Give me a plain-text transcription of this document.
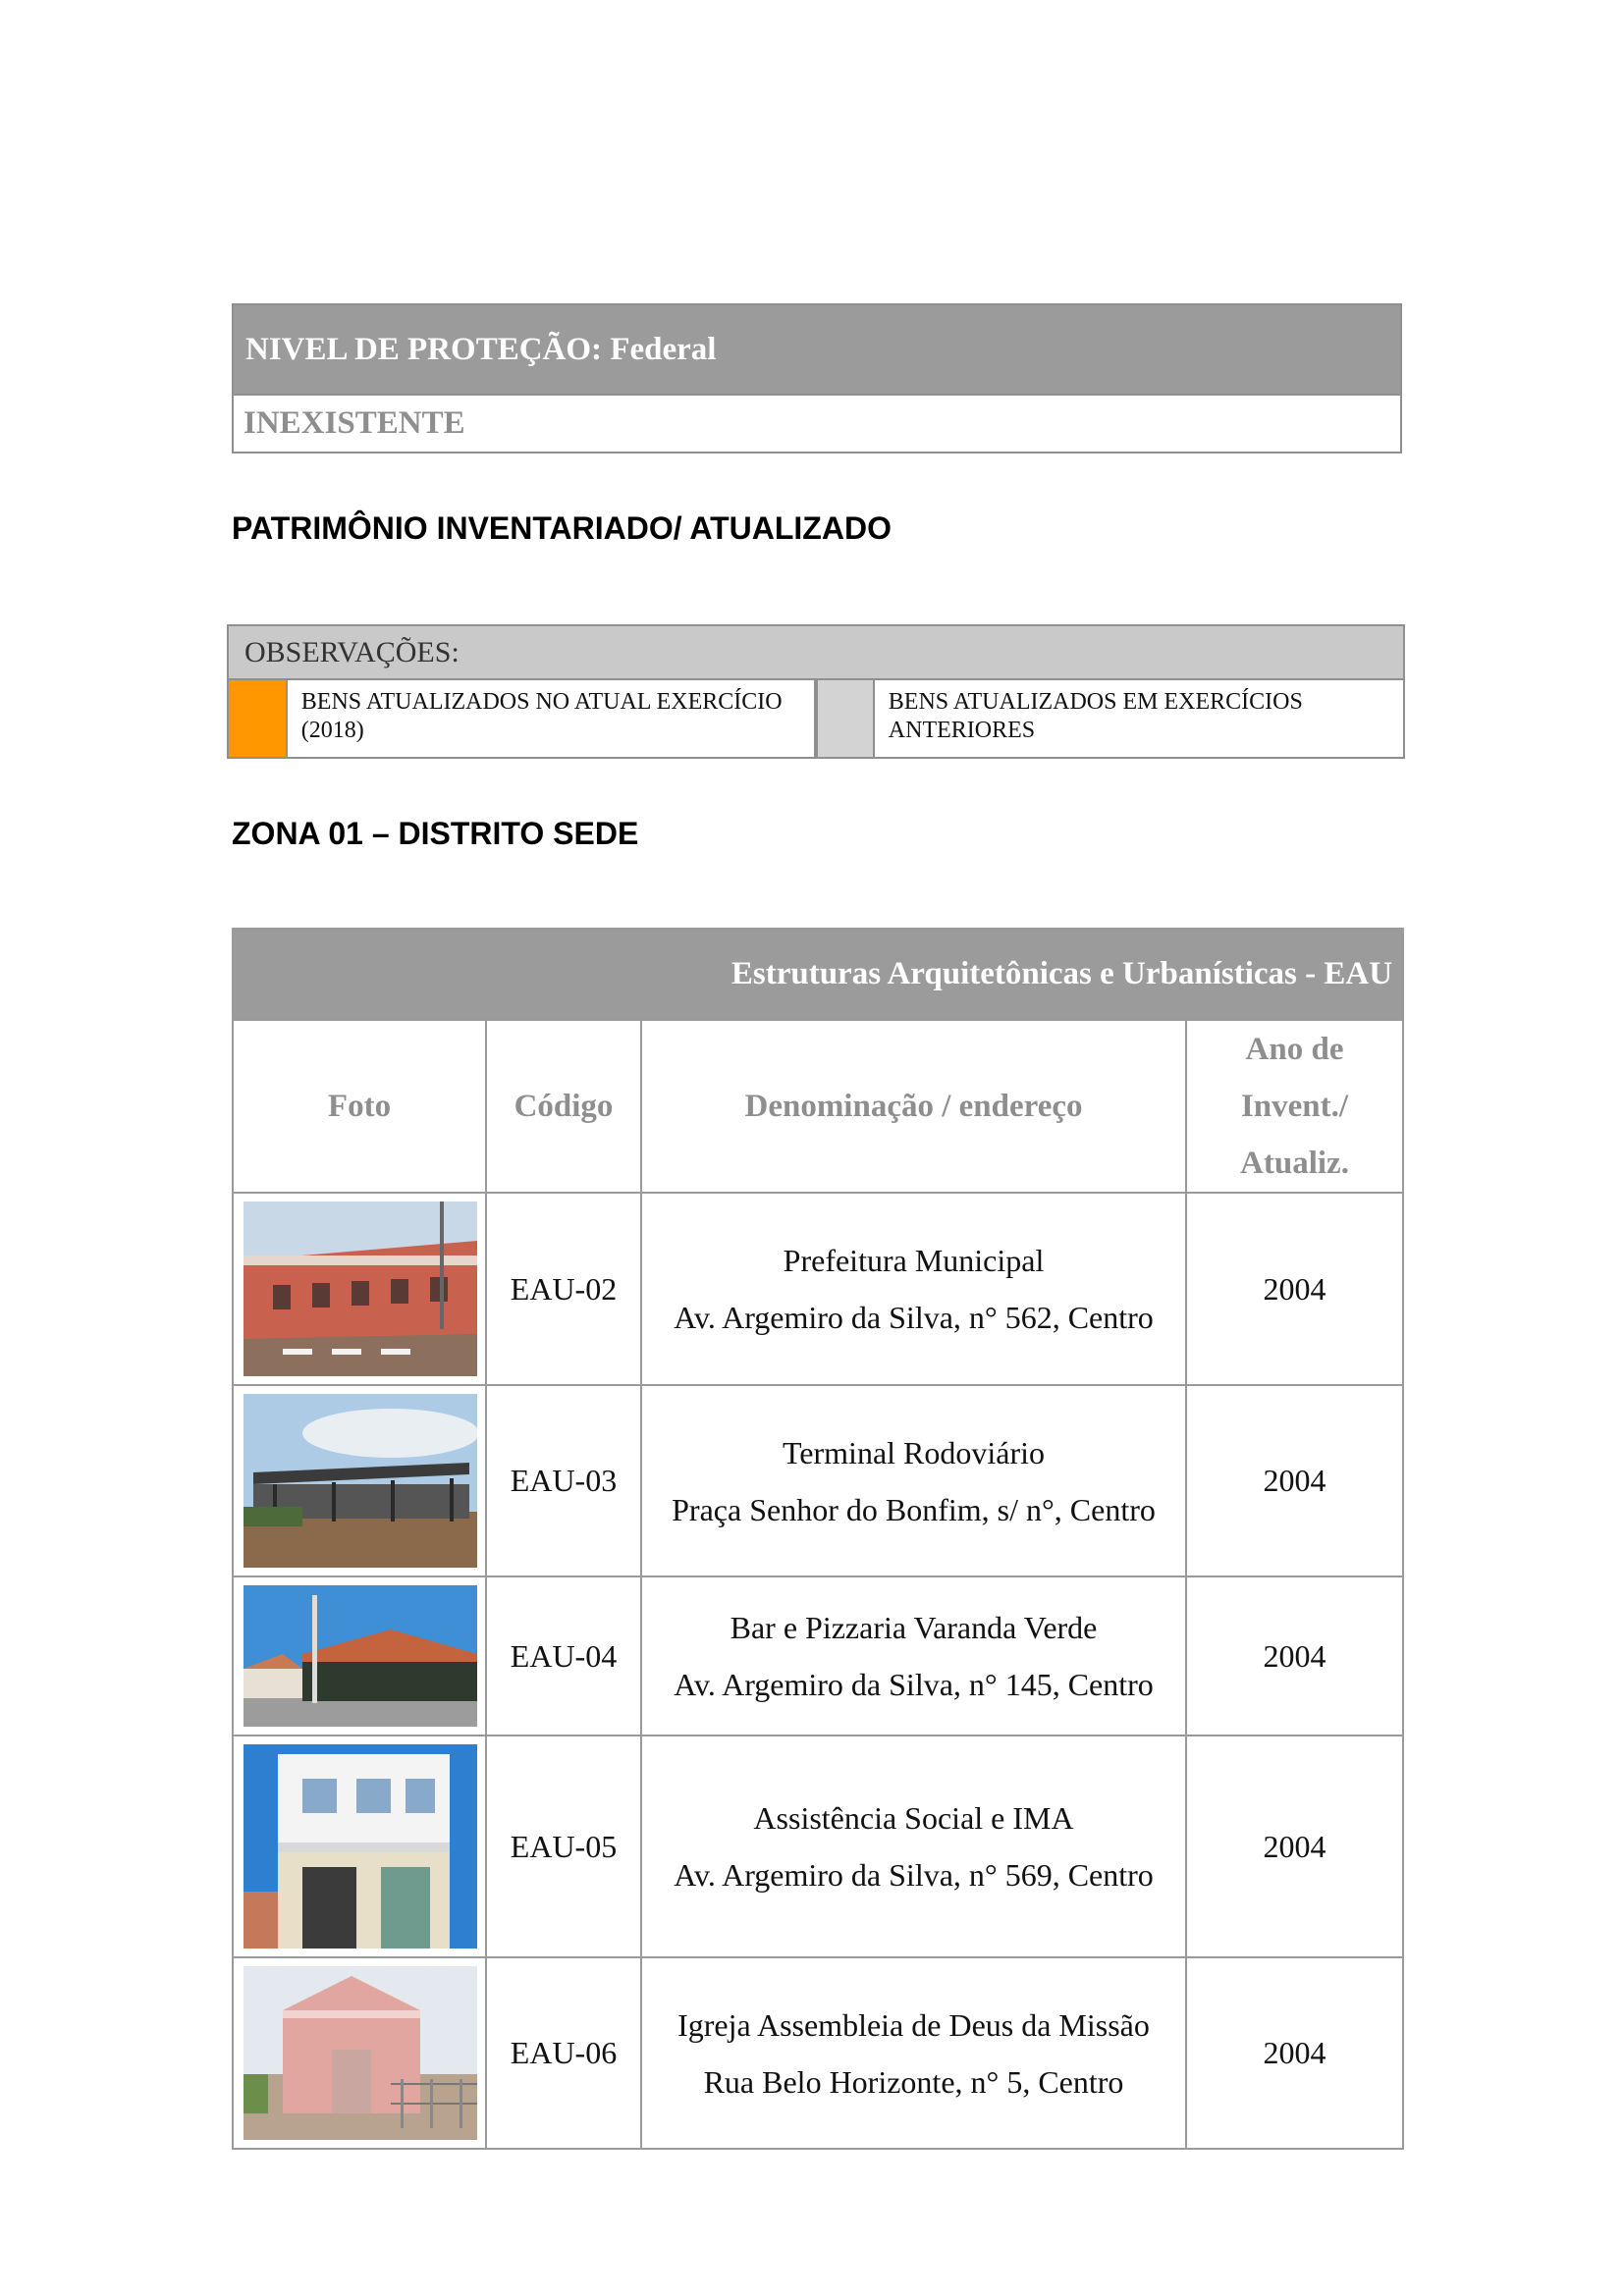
NIVEL DE PROTEÇÃO:
Federal
INEXISTENTE
PATRIMÔNIO INVENTARIADO/ ATUALIZADO
OBSERVAÇÕES:
BENS ATUALIZADOS NO ATUAL EXERCÍCIO (2018)
BENS ATUALIZADOS EM EXERCÍCIOS ANTERIORES
ZONA 01 – DISTRITO SEDE
Estruturas Arquitetônicas e Urbanísticas - EAU			
Foto	Código	Denominação / endereço	Ano de
Invent./
Atualiz.

	EAU-02	Prefeitura Municipal
Av. Argemiro da Silva, n° 562, Centro	2004

	EAU-03	Terminal Rodoviário
Praça Senhor do Bonfim, s/ n°, Centro	2004

	EAU-04	Bar e Pizzaria Varanda Verde
Av. Argemiro da Silva, n° 145, Centro	2004

	EAU-05	Assistência Social e IMA
Av. Argemiro da Silva, n° 569, Centro	2004

	EAU-06	Igreja Assembleia de Deus da Missão
Rua Belo Horizonte, n° 5, Centro	2004
